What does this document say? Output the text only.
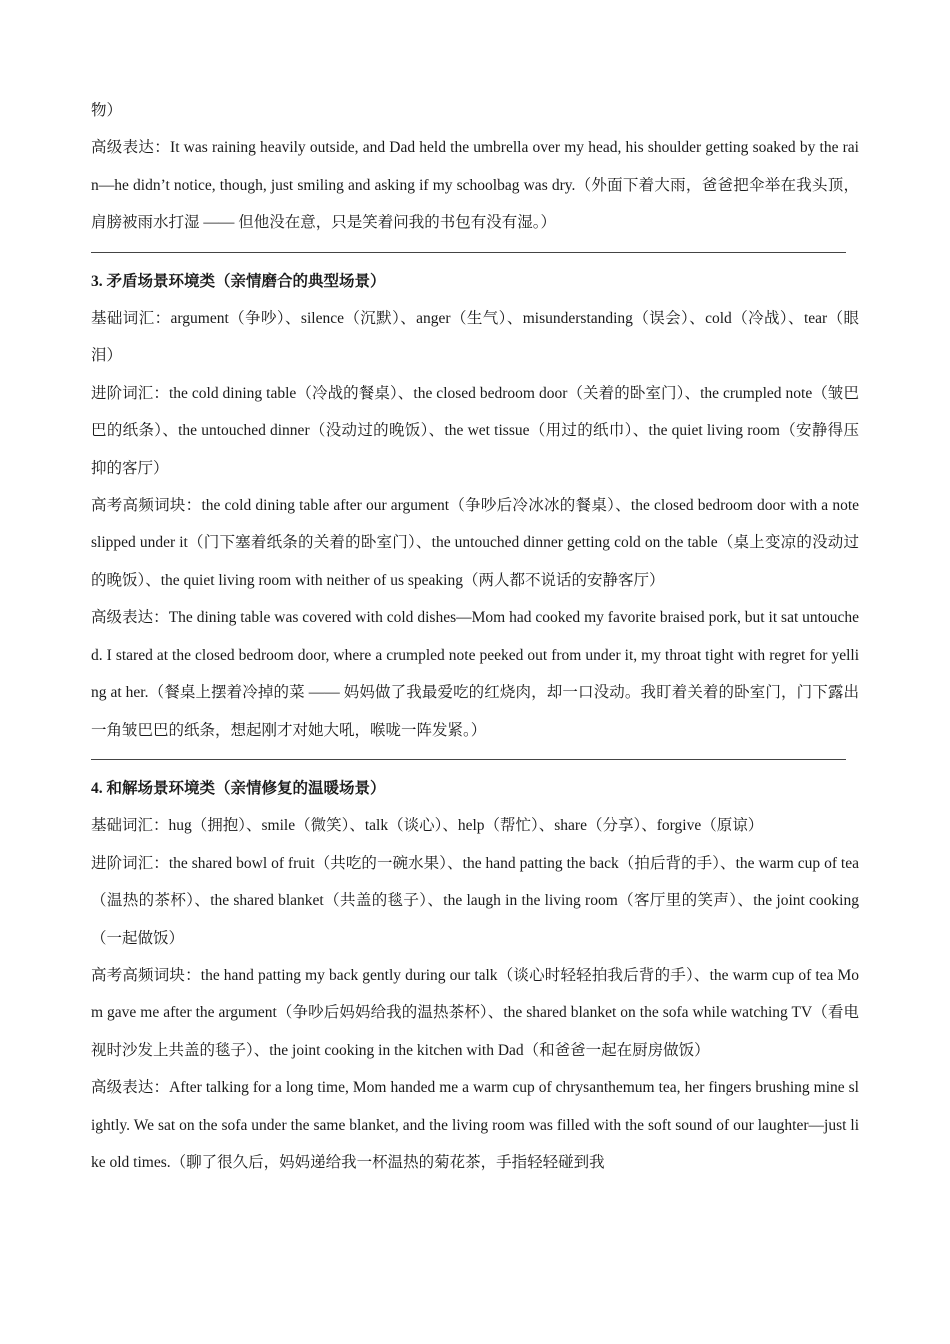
物）

高级表达：It was raining heavily outside, and Dad held the umbrella over my head, his shoulder getting soaked by the rain—he didn’t notice, though, just smiling and asking if my schoolbag was dry.（外面下着大雨，爸爸把伞举在我头顶，肩膀被雨水打湿 —— 但他没在意，只是笑着问我的书包有没有湿。）

3. 矛盾场景环境类（亲情磨合的典型场景）

基础词汇：argument（争吵）、silence（沉默）、anger（生气）、misunderstanding（误会）、cold（冷战）、tear（眼泪）

进阶词汇：the cold dining table（冷战的餐桌）、the closed bedroom door（关着的卧室门）、the crumpled note（皱巴巴的纸条）、the untouched dinner（没动过的晚饭）、the wet tissue（用过的纸巾）、the quiet living room（安静得压抑的客厅）

高考高频词块：the cold dining table after our argument（争吵后冷冰冰的餐桌）、the closed bedroom door with a note slipped under it（门下塞着纸条的关着的卧室门）、the untouched dinner getting cold on the table（桌上变凉的没动过的晚饭）、the quiet living room with neither of us speaking（两人都不说话的安静客厅）

高级表达：The dining table was covered with cold dishes—Mom had cooked my favorite braised pork, but it sat untouched. I stared at the closed bedroom door, where a crumpled note peeked out from under it, my throat tight with regret for yelling at her.（餐桌上摆着冷掉的菜 —— 妈妈做了我最爱吃的红烧肉，却一口没动。我盯着关着的卧室门，门下露出一角皱巴巴的纸条，想起刚才对她大吼，喉咙一阵发紧。）

4. 和解场景环境类（亲情修复的温暖场景）

基础词汇：hug（拥抱）、smile（微笑）、talk（谈心）、help（帮忙）、share（分享）、forgive（原谅）

进阶词汇：the shared bowl of fruit（共吃的一碗水果）、the hand patting the back（拍后背的手）、the warm cup of tea（温热的茶杯）、the shared blanket（共盖的毯子）、the laugh in the living room（客厅里的笑声）、the joint cooking（一起做饭）

高考高频词块：the hand patting my back gently during our talk（谈心时轻轻拍我后背的手）、the warm cup of tea Mom gave me after the argument（争吵后妈妈给我的温热茶杯）、the shared blanket on the sofa while watching TV（看电视时沙发上共盖的毯子）、the joint cooking in the kitchen with Dad（和爸爸一起在厨房做饭）

高级表达：After talking for a long time, Mom handed me a warm cup of chrysanthemum tea, her fingers brushing mine slightly. We sat on the sofa under the same blanket, and the living room was filled with the soft sound of our laughter—just like old times.（聊了很久后，妈妈递给我一杯温热的菊花茶，手指轻轻碰到我
